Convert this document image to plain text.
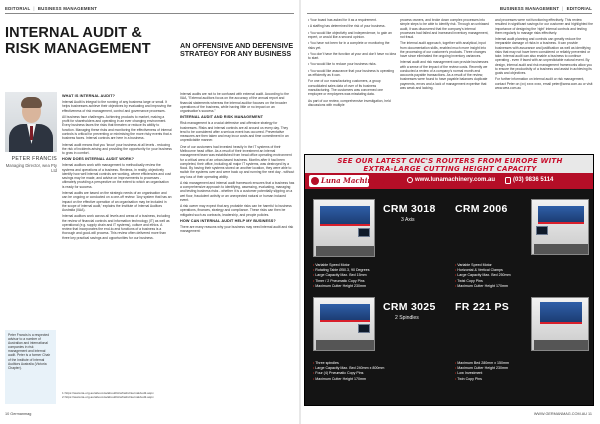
EDITORIAL | BUSINESS MANAGEMENT
INTERNAL AUDIT &
RISK MANAGEMENT	AN OFFENSIVE AND DEFENSIVE STRATEGY FOR ANY BUSINESS
PETER FRANCIS
Managing Director, wea Pty Ltd
Peter Francis is a respected advisor to a number of Australian and international companies in risk management and internal audit. Peter is a former Chair of the Institute of Internal Auditors Australia (Victoria Chapter).
WHAT IS INTERNAL AUDIT?

Internal Audit is integral to the running of any business large or small. It helps businesses achieve their objectives by evaluating and improving the effectiveness of risk management, control and governance processes.

All business face challenges. Achieving products to market, making a profit for shareholders and operating in an ever changing environment. Every business faces the risks that threaten or reduce its ability to function. Managing these risks and monitoring the effectiveness of internal controls is critical for preventing or minimising the more risky events that a business faces. Internal controls are here in a business.

Internal audit means that you 'know' your business at all levels - reducing the risk of incidents arising and providing the opportunity for your business to grow in comfort.

HOW DOES INTERNAL AUDIT WORK?

Internal auditors work with management to methodically review the systems and operations of a business. Reviews, in reality, objectively identify how well internal controls are working, where efficiencies and cost savings may be made, and advise on improvements to processes - ultimately providing a perspective on the extent to which an organisation is ready for success.

Internal audits are based on the strategic needs of an organisation and can be ongoing or conducted on a one-off review. 'Any system that has an impact on the effective operation of an organisation may be included in the scope of internal audit,' explains the Institute of Internal Auditors Australia (IIAA).

Internal auditors work across all levels and areas of a business, including the review of financial controls and information technology (IT) as well as operational (e.g. supply chain and IT systems), culture and ethics. A review that incorporates the end-to-end functions of a business is a thorough and good-will process. This review often delivered more than three key practical savings and opportunities for our business.

Internal audits are not to be confused with external audit. According to the IIAA, "External auditors focus on the accuracy of the annual report and financial statements whereas the internal auditor focuses on the broader operations of the business, while having little or no impact on an organisation's success."

INTERNAL AUDIT AND RISK MANAGEMENT

Risk management is a crucial defensive and offensive strategy for businesses. Risks and internal controls are all around us every day. They tend to be considered after a serious event has occurred. Preventative measures are then taken and may incur costs and time commitment in an unpredictable manner.

One of our customers had invested heavily in the IT systems of their Melbourne head office. As a result of their investment an internal management team was established from head office operating environment for a critical area of an urban-based business. Months after it had been completed, their office, including all major IT systems, was destroyed by a flood. By having their systems stored on another location, they were able to switch the systems over and were back up and running the next day - without any loss of their operating ability.

A risk management and internal audit framework ensures that a business has a comprehensive approach to identifying, assessing, evaluating, managing and testing business risks - whether it is a customer potentially slipping on a wet floor, fraudulent activity or an unexpected natural or human induced event.

A risk owner may expect that any probable risks can be harmful to business operations, finances, strategy and compliance. These risks can then be mitigated such as contracts, leadership, and people policies.

HOW CAN INTERNAL AUDIT HELP MY BUSINESS?

There are many reasons why your business may need internal audit and risk management:

1 https://www.iia.org.au/about-iia/aboutIIA/whatIsInternalAudit.aspx
2 https://www.iia.org.au/about-iia/aboutIIA/whatIsInternalAudit.aspx
10 Germanmag
BUSINESS MANAGEMENT | EDITORIAL

• Your board has asked for it as a requirement.

• A staffing has determined the risk of your business.

• You would like objectivity and independence, to gain an expert, or would like a second opinion.

• You have not been for in a complete or monitoring the risks yet.

• You don't have the function at your and don't have no idea to start.

• You would like to reduce your business risks.

• You would like assurance that your business is operating as efficiently as it can.

For one of our manufacturing customers, a group consolidated sales data of over of its business manufacturing. The customers was concerned one employee or employees was misstating data.

As part of our review, comprehensive investigation, held discussions with multiple

process owners, and broke down complex processes into simple steps to be able to identify risk. Through an unbiased audit, it was discovered that the company's internal processes had failed and increased inventory management, not fraud.

The internal audit approach, together with analytical, input from documentation skills, enabled much more insight into the processing of our customer's products. Three changes have since eliminated the ongoing inventory variances.

Internal audit and risk management can provide businesses with a sense of the impact of the review costs. Recently we conducted a review of a company's normal month-end accounts payable transactions. As a result of the review, businesses were found to have payable balances duplicate payments, errors and a lack of management expertise that was weak and lacking.

and processes were not functioning effectively. This review resulted in significant savings for our customer and highlighted the importance of designing the 'right' internal controls and testing them regularly to manage risks effectively.

Internal audit planning and controls can greatly reduce the irreparable damage of risks in a business. It can provide businesses with assurance and justification as well as identifying risks that may not have been considered or reliably prevented or take. Internal audit can also enable a business to continue operating - even if faced with an unpredictable natural event. By design, internal audit and risk management frameworks allow you to ensure the productivity of a business and assist in achieving its goals and objectives.

For further information on internal audit or risk management, contact Peter on (xx) xxxx xxxx, email peter@www.com.au or visit www.wea.com.au

SEE OUR LATEST CNC'S ROUTERS FROM EUROPE WITH
EXTRA-LARGE CUTTING HEIGHT CAPACITY
Luna Machinery	www.lunamachinery.com.au	(03) 9836 5114
CRM 3018
3 Axis
• Variable Speed Motor
• Rotating Table Ø50.3, 90 Degrees
• Large Capacity Max. Bed 15mm
• Timer / 2 Pneumatic Copy Pins
• Maximum Cutter Height 230mm
CRM 2006
• Variable Speed Motor
• Horizontal & Vertical Clamps
• Large Capacity Max. Bed 250mm
• Twist Copy Pins
• Maximum Cutter Height 170mm
CRM 3025
2 Spindles
• Three spindles
• Large Capacity Max. Bed 240mm x 800mm
• Four (4) Pneumatic Copy Pins
• Maximum Cutter Height 170mm
FR 221 PS
• Maximum Bed 280mm x 150mm
• Maximum Cutter Height 230mm
• Low Investment
• Twin Copy Pins
WWW.GERMANMAG.COM.AU 11
